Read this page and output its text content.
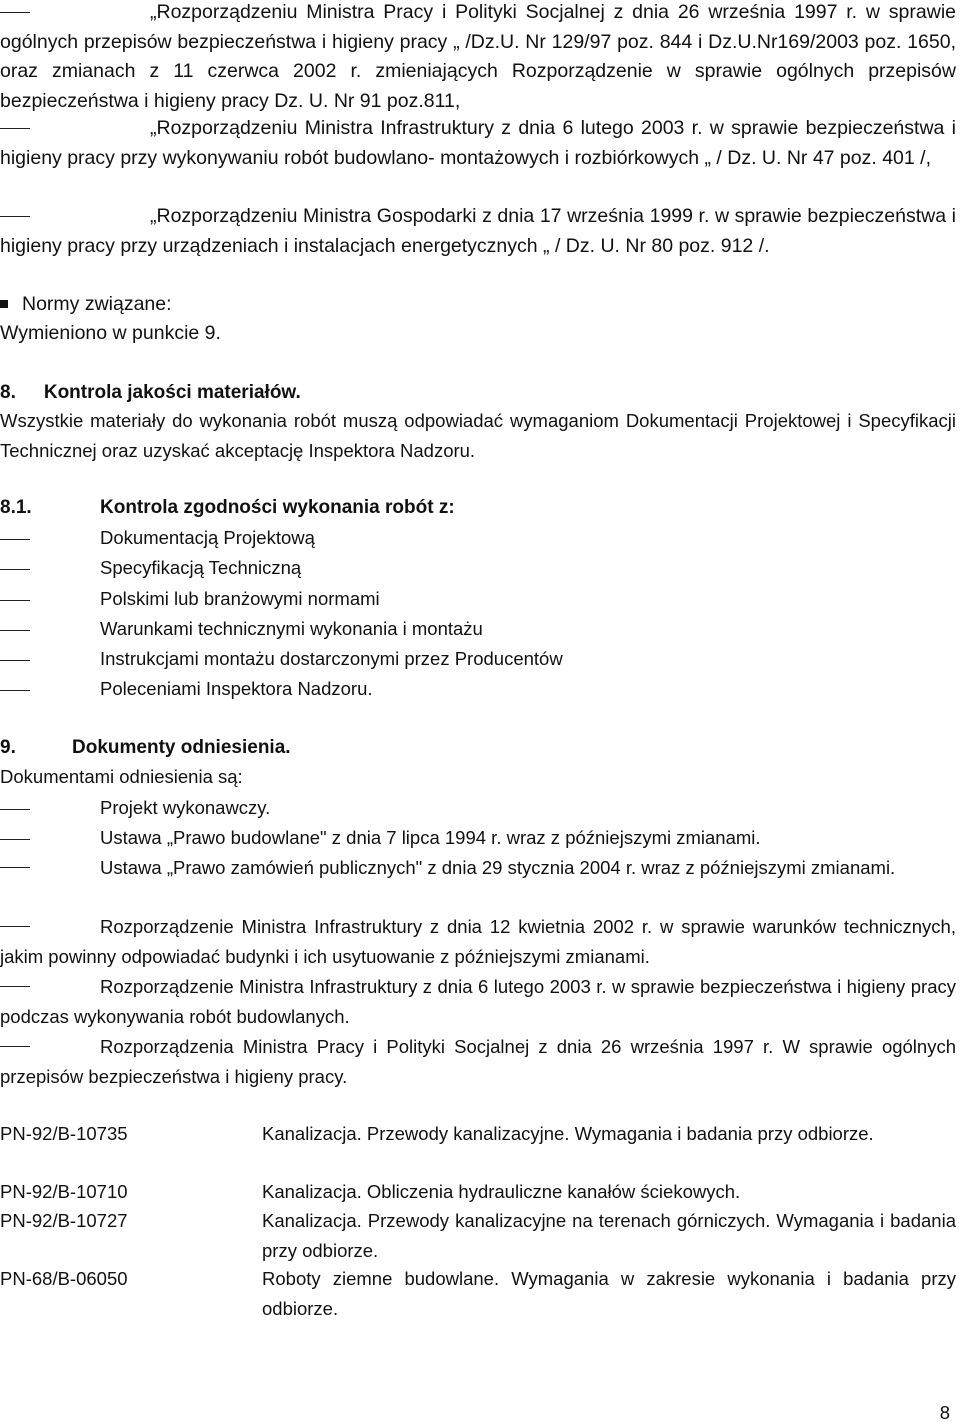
„Rozporządzeniu Ministra Pracy i Polityki Socjalnej z dnia 26 września 1997 r. w sprawie ogólnych przepisów bezpieczeństwa i higieny pracy „ /Dz.U. Nr 129/97 poz. 844 i Dz.U.Nr169/2003 poz. 1650, oraz zmianach z 11 czerwca 2002 r. zmieniających Rozporządzenie w sprawie ogólnych przepisów bezpieczeństwa i higieny pracy Dz. U. Nr 91 poz.811,
„Rozporządzeniu Ministra Infrastruktury z dnia 6 lutego 2003 r. w sprawie bezpieczeństwa i higieny pracy przy wykonywaniu robót budowlano- montażowych i rozbiórkowych „ / Dz. U. Nr 47 poz. 401 /,
„Rozporządzeniu Ministra Gospodarki z dnia 17 września 1999 r. w sprawie bezpieczeństwa i higieny pracy przy urządzeniach i instalacjach energetycznych „ / Dz. U. Nr 80 poz. 912 /.
Normy związane:
Wymieniono w punkcie 9.
8. Kontrola jakości materiałów.
Wszystkie materiały do wykonania robót muszą odpowiadać wymaganiom Dokumentacji Projektowej i Specyfikacji Technicznej oraz uzyskać akceptację Inspektora Nadzoru.
8.1.	Kontrola zgodności wykonania robót z:
Dokumentacją Projektową
Specyfikacją Techniczną
Polskimi lub branżowymi normami
Warunkami technicznymi wykonania i montażu
Instrukcjami montażu dostarczonymi przez Producentów
Poleceniami Inspektora Nadzoru.
9.	Dokumenty odniesienia.
Dokumentami odniesienia są:
Projekt wykonawczy.
Ustawa „Prawo budowlane" z dnia 7 lipca 1994 r. wraz z późniejszymi zmianami.
Ustawa „Prawo zamówień publicznych" z dnia 29 stycznia 2004 r. wraz z późniejszymi zmianami.
Rozporządzenie Ministra Infrastruktury z dnia 12 kwietnia 2002 r. w sprawie warunków technicznych, jakim powinny odpowiadać budynki i ich usytuowanie z późniejszymi zmianami.
Rozporządzenie Ministra Infrastruktury z dnia 6 lutego 2003 r. w sprawie bezpieczeństwa i higieny pracy podczas wykonywania robót budowlanych.
Rozporządzenia Ministra Pracy i Polityki Socjalnej z dnia 26 września 1997 r. W sprawie ogólnych przepisów bezpieczeństwa i higieny pracy.
PN-92/B-10735	Kanalizacja. Przewody kanalizacyjne. Wymagania i badania przy odbiorze.
PN-92/B-10710	Kanalizacja. Obliczenia hydrauliczne kanałów ściekowych.
PN-92/B-10727	Kanalizacja. Przewody kanalizacyjne na terenach górniczych. Wymagania i badania przy odbiorze.
PN-68/B-06050	Roboty ziemne budowlane. Wymagania w zakresie wykonania i badania przy odbiorze.
8
